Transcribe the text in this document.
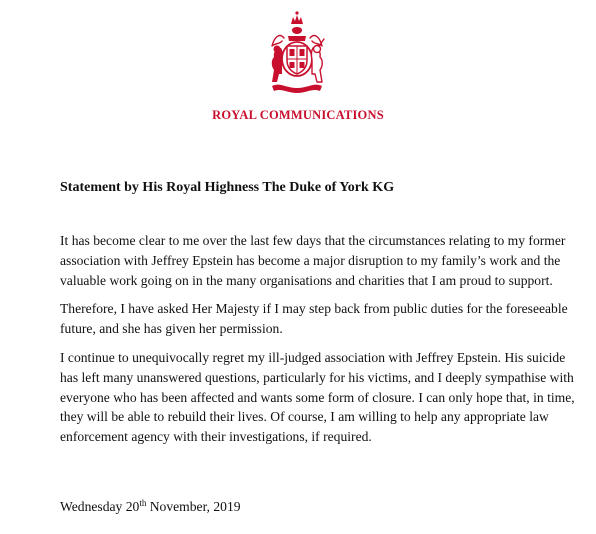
ROYAL COMMUNICATIONS
Statement by His Royal Highness The Duke of York KG

It has become clear to me over the last few days that the circumstances relating to my former association with Jeffrey Epstein has become a major disruption to my family’s work and the valuable work going on in the many organisations and charities that I am proud to support.

Therefore, I have asked Her Majesty if I may step back from public duties for the foreseeable future, and she has given her permission.

I continue to unequivocally regret my ill-judged association with Jeffrey Epstein. His suicide has left many unanswered questions, particularly for his victims, and I deeply sympathise with everyone who has been affected and wants some form of closure. I can only hope that, in time, they will be able to rebuild their lives. Of course, I am willing to help any appropriate law enforcement agency with their investigations, if required.

Wednesday 20th November, 2019
